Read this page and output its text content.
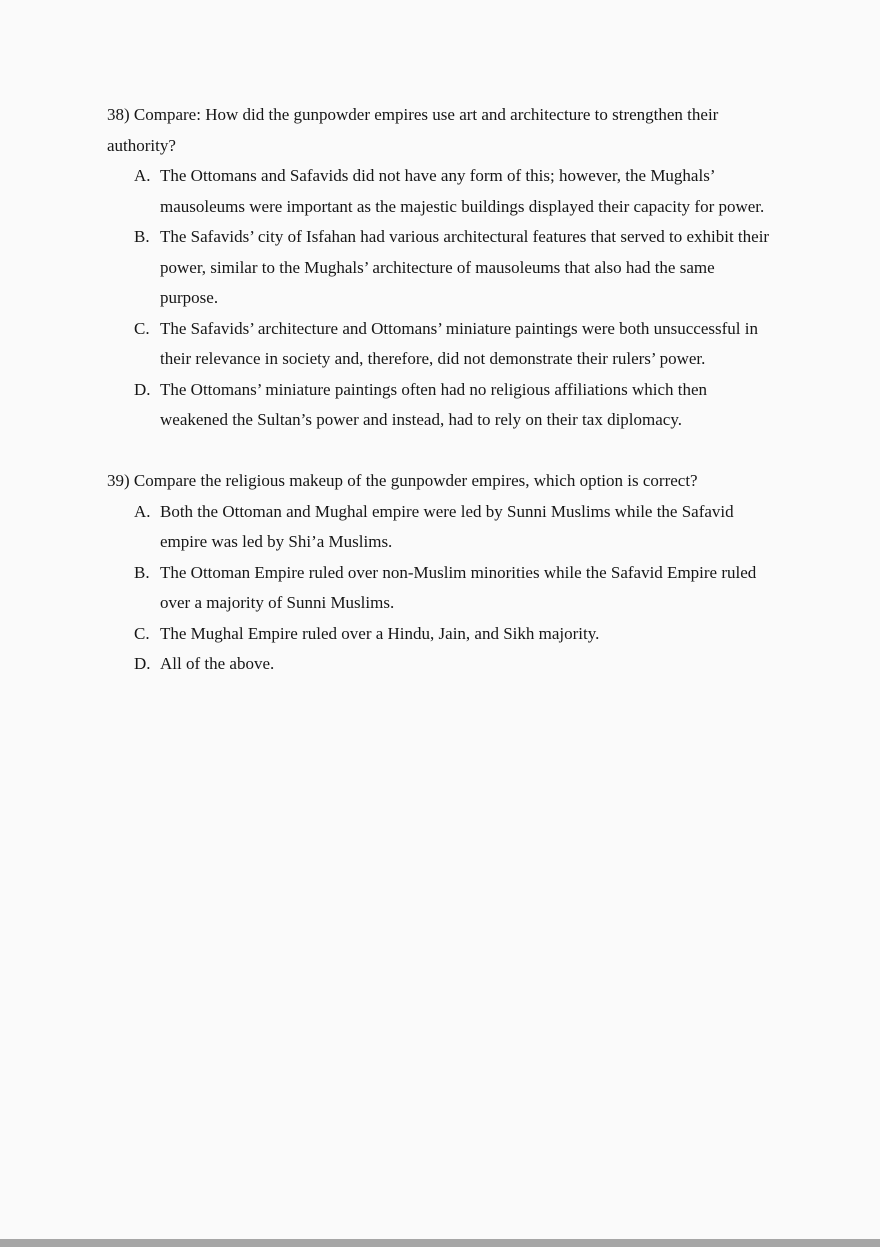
38) Compare: How did the gunpowder empires use art and architecture to strengthen their authority?

A. The Ottomans and Safavids did not have any form of this; however, the Mughals’ mausoleums were important as the majestic buildings displayed their capacity for power.
B. The Safavids’ city of Isfahan had various architectural features that served to exhibit their power, similar to the Mughals’ architecture of mausoleums that also had the same purpose.
C. The Safavids’ architecture and Ottomans’ miniature paintings were both unsuccessful in their relevance in society and, therefore, did not demonstrate their rulers’ power.
D. The Ottomans’ miniature paintings often had no religious affiliations which then weakened the Sultan’s power and instead, had to rely on their tax diplomacy.

39) Compare the religious makeup of the gunpowder empires, which option is correct?

A. Both the Ottoman and Mughal empire were led by Sunni Muslims while the Safavid empire was led by Shi’a Muslims.
B. The Ottoman Empire ruled over non-Muslim minorities while the Safavid Empire ruled over a majority of Sunni Muslims.
C. The Mughal Empire ruled over a Hindu, Jain, and Sikh majority.
D. All of the above.
